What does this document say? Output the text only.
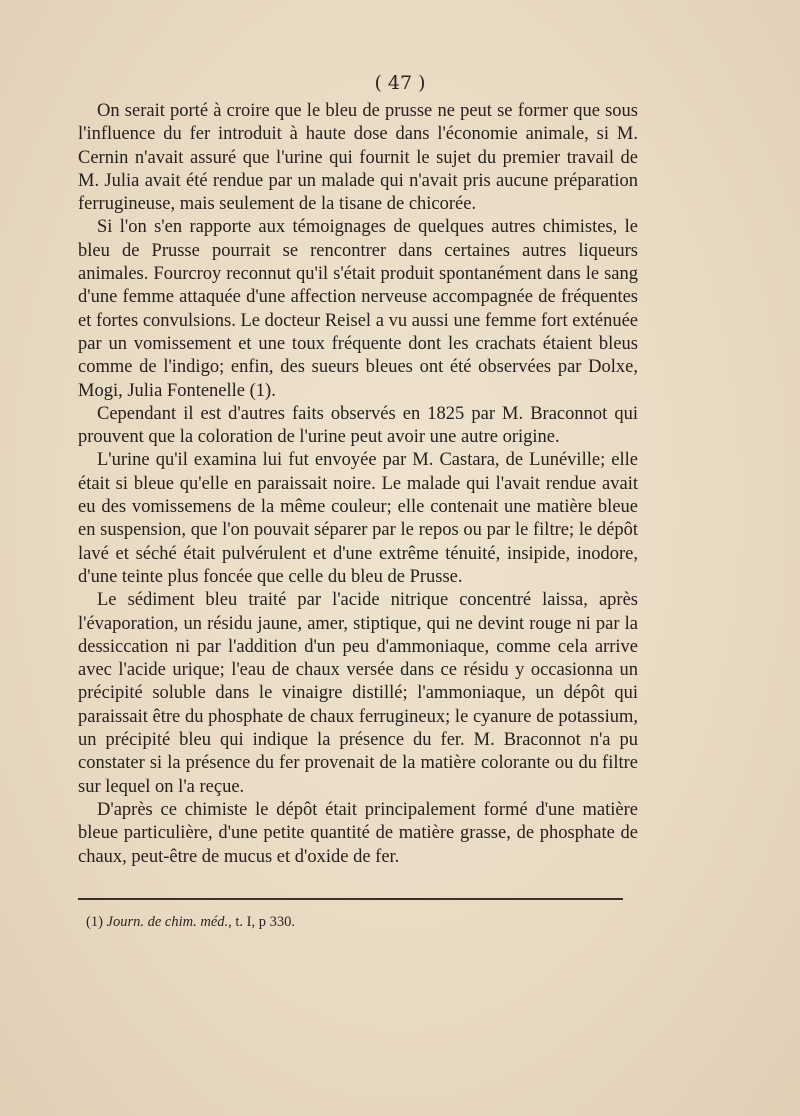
( 47 )

On serait porté à croire que le bleu de prusse ne peut se former que sous l'influence du fer introduit à haute dose dans l'économie animale, si M. Cernin n'avait assuré que l'urine qui fournit le sujet du premier travail de M. Julia avait été rendue par un malade qui n'avait pris aucune préparation ferrugineuse, mais seulement de la tisane de chicorée.

Si l'on s'en rapporte aux témoignages de quelques autres chimistes, le bleu de Prusse pourrait se rencontrer dans certaines autres liqueurs animales. Fourcroy reconnut qu'il s'était produit spontanément dans le sang d'une femme attaquée d'une affection nerveuse accompagnée de fréquentes et fortes convulsions. Le docteur Reisel a vu aussi une femme fort exténuée par un vomissement et une toux fréquente dont les crachats étaient bleus comme de l'indigo; enfin, des sueurs bleues ont été observées par Dolxe, Mogi, Julia Fontenelle (1).

Cependant il est d'autres faits observés en 1825 par M. Braconnot qui prouvent que la coloration de l'urine peut avoir une autre origine.

L'urine qu'il examina lui fut envoyée par M. Castara, de Lunéville; elle était si bleue qu'elle en paraissait noire. Le malade qui l'avait rendue avait eu des vomissemens de la même couleur; elle contenait une matière bleue en suspension, que l'on pouvait séparer par le repos ou par le filtre; le dépôt lavé et séché était pulvérulent et d'une extrême ténuité, insipide, inodore, d'une teinte plus foncée que celle du bleu de Prusse.

Le sédiment bleu traité par l'acide nitrique concentré laissa, après l'évaporation, un résidu jaune, amer, stiptique, qui ne devint rouge ni par la dessiccation ni par l'addition d'un peu d'ammoniaque, comme cela arrive avec l'acide urique; l'eau de chaux versée dans ce résidu y occasionna un précipité soluble dans le vinaigre distillé; l'ammoniaque, un dépôt qui paraissait être du phosphate de chaux ferrugineux; le cyanure de potassium, un précipité bleu qui indique la présence du fer. M. Braconnot n'a pu constater si la présence du fer provenait de la matière colorante ou du filtre sur lequel on l'a reçue.

D'après ce chimiste le dépôt était principalement formé d'une matière bleue particulière, d'une petite quantité de matière grasse, de phosphate de chaux, peut-être de mucus et d'oxide de fer.

(1) Journ. de chim. méd., t. I, p 330.
